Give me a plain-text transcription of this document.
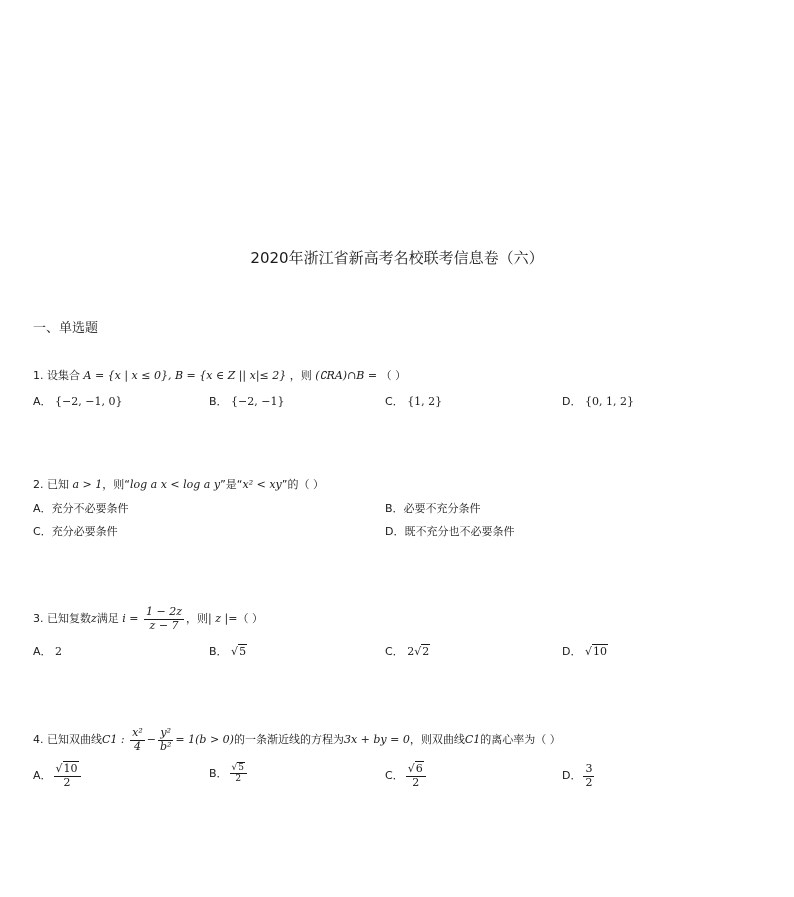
2020年浙江省新高考名校联考信息卷（六）
一、单选题
1. 设集合 A = {x | x ≤ 0}, B = {x ∈ Z || x|≤ 2} ，则 (∁RA)∩B = （ ）
A． {−2, −1, 0}	B． {−2, −1}	C． {1, 2}	D． {0, 1, 2}
2. 已知 a > 1，则“log a x < log a y”是“x² < xy”的（ ）
A．充分不必要条件	B．必要不充分条件
C．充分必要条件	D．既不充分也不必要条件
3. 已知复数z满足 $i = \frac{1 - 2z}{z - 7}$ ，则| z |=（ ）
A． 2	B． √5	C． 2√2	D． √10
4. 已知双曲线C1 : $\frac{\text{x²}}{4} - \frac{\text{y²}}{\text{b²}} = 1(b > 0)$的一条渐近线的方程为3x + by = 0，则双曲线C1的离心率为（ ）
A． $\frac{√10}{2}$	B． $\frac{√5}{2}$	C． $\frac{√6}{2}$	D． $\frac{3}{2}$
